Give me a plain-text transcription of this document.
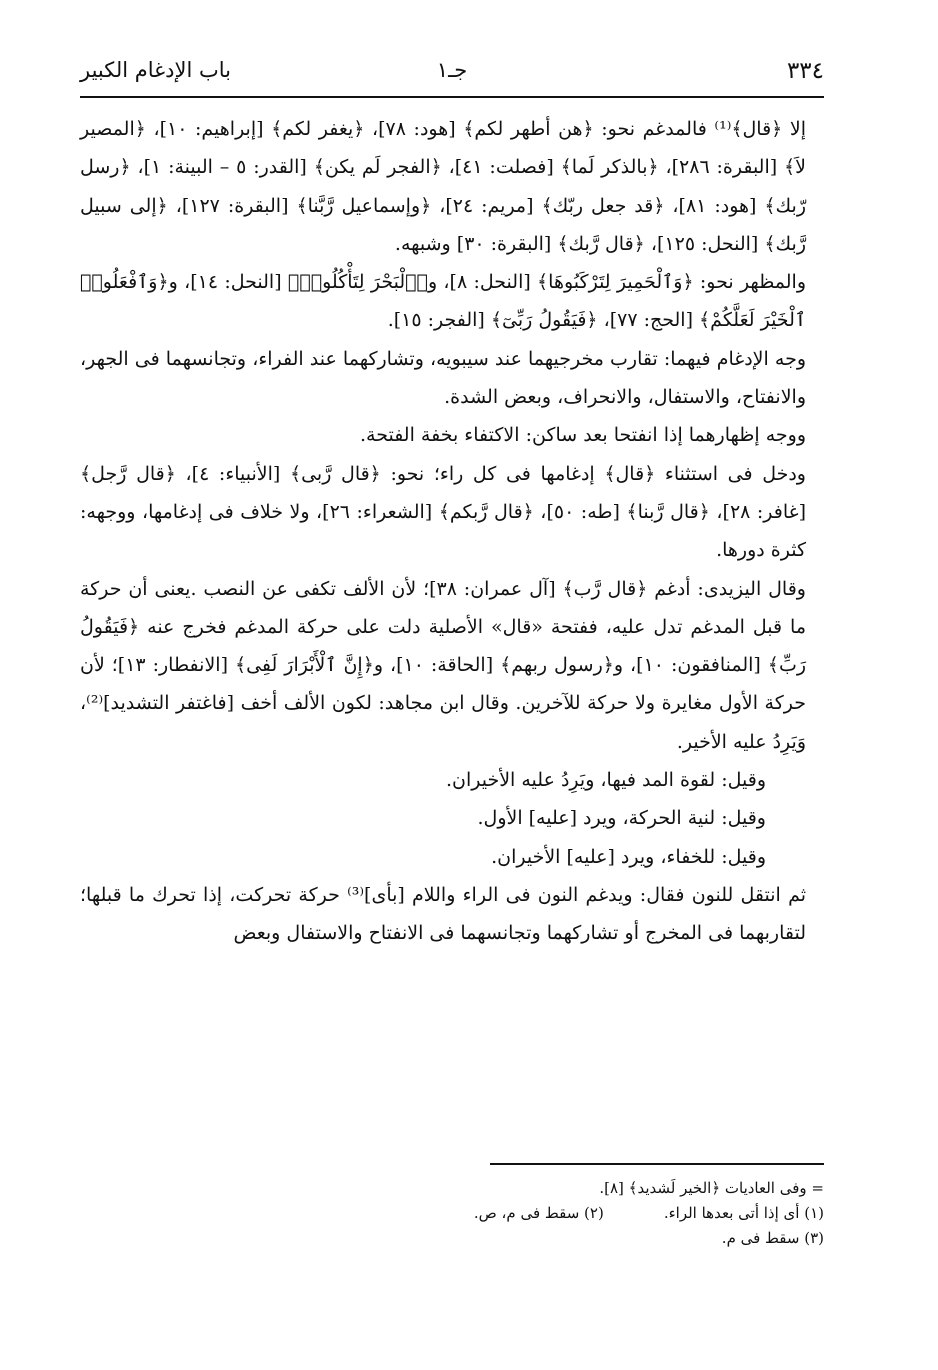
٣٣٤
جـ١
باب الإدغام الكبير

إلا ﴿قال﴾⁽¹⁾ فالمدغم نحو: ﴿هن أطهر لكم﴾ [هود: ٧٨]، ﴿يغفر لكم﴾ [إبراهيم: ١٠]، ﴿المصير لاَ﴾ [البقرة: ٢٨٦]، ﴿بالذكر لَما﴾ [فصلت: ٤١]، ﴿الفجر لَم يكن﴾ [القدر: ٥ – البينة: ١]، ﴿رسل رّبك﴾ [هود: ٨١]، ﴿قد جعل ربّك﴾ [مريم: ٢٤]، ﴿وإسماعيل رَّبَّنا﴾ [البقرة: ١٢٧]، ﴿إلى سبيل رَّبك﴾ [النحل: ١٢٥]، ﴿قال رَّبك﴾ [البقرة: ٣٠] وشبهه.

والمظهر نحو: ﴿وَٱلْحَمِيرَ لِتَرْكَبُوهَا﴾ [النحل: ٨]، و﴿ٱلْبَحْرَ لِتَأْكُلُوا۟﴾ [النحل: ١٤]، و﴿وَٱفْعَلُوا۟ ٱلْخَيْرَ لَعَلَّكُمْ﴾ [الحج: ٧٧]، ﴿فَيَقُولُ رَبِّىٓ﴾ [الفجر: ١٥].

وجه الإدغام فيهما: تقارب مخرجيهما عند سيبويه، وتشاركهما عند الفراء، وتجانسهما فى الجهر، والانفتاح، والاستفال، والانحراف، وبعض الشدة.

ووجه إظهارهما إذا انفتحا بعد ساكن: الاكتفاء بخفة الفتحة.

ودخل فى استثناء ﴿قال﴾ إدغامها فى كل راء؛ نحو: ﴿قال رَّبى﴾ [الأنبياء: ٤]، ﴿قال رَّجل﴾ [غافر: ٢٨]، ﴿قال رَّبنا﴾ [طه: ٥٠]، ﴿قال رَّبكم﴾ [الشعراء: ٢٦]، ولا خلاف فى إدغامها، ووجهه: كثرة دورها.

وقال اليزيدى: أدغم ﴿قال رَّب﴾ [آل عمران: ٣٨]؛ لأن الألف تكفى عن النصب .يعنى أن حركة ما قبل المدغم تدل عليه، ففتحة «قال» الأصلية دلت على حركة المدغم فخرج عنه ﴿فَيَقُولُ رَبِّ﴾ [المنافقون: ١٠]، و﴿رسول ربهم﴾ [الحاقة: ١٠]، و﴿إِنَّ ٱلْأَبْرَارَ لَفِى﴾ [الانفطار: ١٣]؛ لأن حركة الأول مغايرة ولا حركة للآخرين. وقال ابن مجاهد: لكون الألف أخف [فاغتفر التشديد]⁽²⁾، وَيَرِدُ عليه الأخير.

وقيل: لقوة المد فيها، ويَرِدُ عليه الأخيران.

وقيل: لنية الحركة، ويرد [عليه] الأول.

وقيل: للخفاء، ويرد [عليه] الأخيران.

ثم انتقل للنون فقال: ويدغم النون فى الراء واللام [بأى]⁽³⁾ حركة تحركت، إذا تحرك ما قبلها؛ لتقاربهما فى المخرج أو تشاركهما وتجانسهما فى الانفتاح والاستفال وبعض

= وفى العاديات ﴿الخير لَشديد﴾ [٨].

(١) أى إذا أتى بعدها الراء.

(٢) سقط فى م، ص.

(٣) سقط فى م.
